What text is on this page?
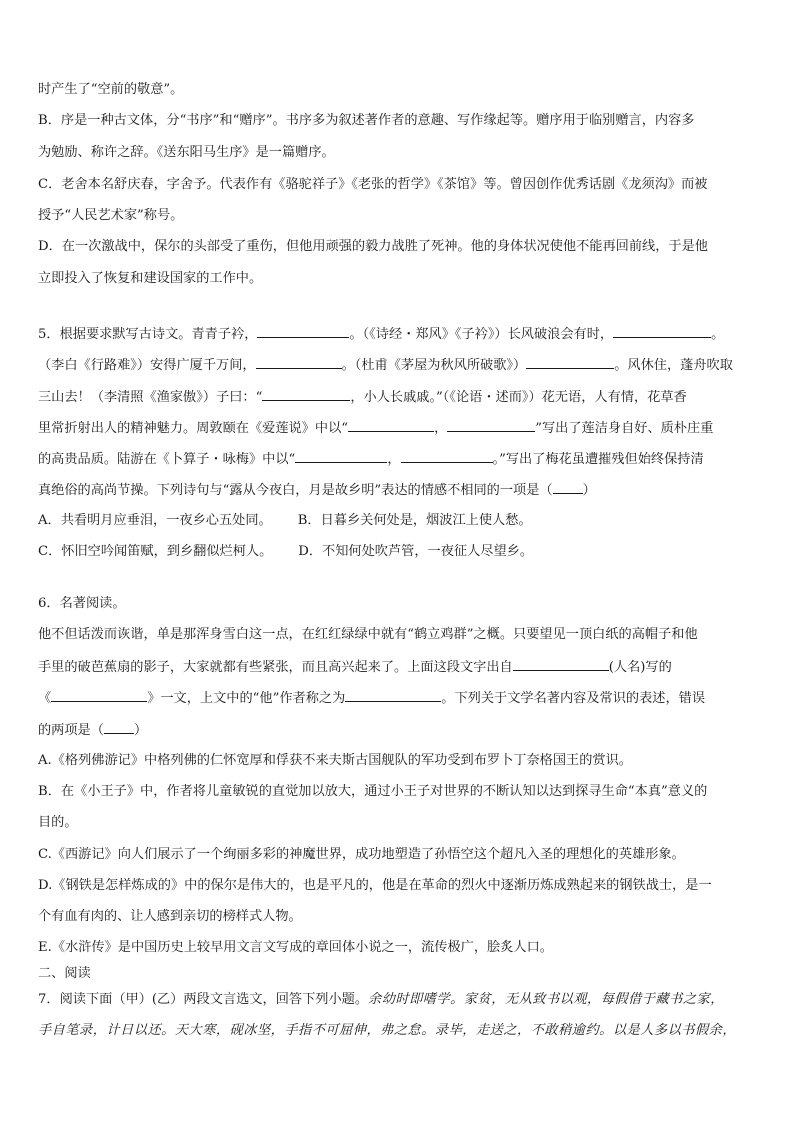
时产生了“空前的敬意”。
B．序是一种古文体，分“书序”和“赠序”。书序多为叙述著作者的意趣、写作缘起等。赠序用于临别赠言，内容多
为勉励、称许之辞。《送东阳马生序》是一篇赠序。
C．老舍本名舒庆春，字舍予。代表作有《骆驼祥子》《老张的哲学》《茶馆》等。曾因创作优秀话剧《龙须沟》而被
授予“人民艺术家”称号。
D．在一次激战中，保尔的头部受了重伤，但他用顽强的毅力战胜了死神。他的身体状况使他不能再回前线，于是他
立即投入了恢复和建设国家的工作中。
5．根据要求默写古诗文。青青子衿，	。（《诗经・郑风》《子衿》）长风破浪会有时，	。
（李白《行路难》）安得广厦千万间，	。（杜甫《茅屋为秋风所破歌》）	。风休住，蓬舟吹取
三山去！（李清照《渔家傲》）子曰：“	，小人长戚戚。”（《论语・述而》）花无语，人有情，花草香
里常折射出人的精神魅力。周敦颐在《爱莲说》中以“	，	”写出了莲洁身自好、质朴庄重
的高贵品质。陆游在《卜算子・咏梅》中以“	，	。”写出了梅花虽遭摧残但始终保持清
真绝俗的高尚节操。下列诗句与“露从今夜白，月是故乡明”表达的情感不相同的一项是（ ）
A．共看明月应垂泪，一夜乡心五处同。 B．日暮乡关何处是，烟波江上使人愁。
C．怀旧空吟闻笛赋，到乡翻似烂柯人。 D．不知何处吹芦管，一夜征人尽望乡。
6．名著阅读。
他不但话泼而诙谐，单是那浑身雪白这一点，在红红绿绿中就有“鹤立鸡群”之概。只要望见一顶白纸的高帽子和他
手里的破芭蕉扇的影子，大家就都有些紧张，而且高兴起来了。上面这段文字出自	(人名)写的
《	》一文，上文中的“他”作者称之为	。下列关于文学名著内容及常识的表述，错误
的两项是（ ）
A.《格列佛游记》中格列佛的仁怀宽厚和俘获不来夫斯古国舰队的军功受到布罗卜丁奈格国王的赏识。
B．在《小王子》中，作者将儿童敏锐的直觉加以放大，通过小王子对世界的不断认知以达到探寻生命“本真”意义的
目的。
C.《西游记》向人们展示了一个绚丽多彩的神魔世界，成功地塑造了孙悟空这个超凡入圣的理想化的英雄形象。
D.《钢铁是怎样炼成的》中的保尔是伟大的，也是平凡的，他是在革命的烈火中逐渐历炼成熟起来的钢铁战士，是一
个有血有肉的、让人感到亲切的榜样式人物。
E.《水浒传》是中国历史上较早用文言文写成的章回体小说之一，流传极广，脍炙人口。
二、阅读
7．阅读下面（甲）(乙）两段文言选文，回答下列小题。余幼时即嗜学。家贫，无从致书以观，每假借于藏书之家，
手自笔录，计日以还。天大寒，砚冰坚，手指不可屈伸，弗之怠。录毕，走送之，不敢稍逾约。以是人多以书假余，
